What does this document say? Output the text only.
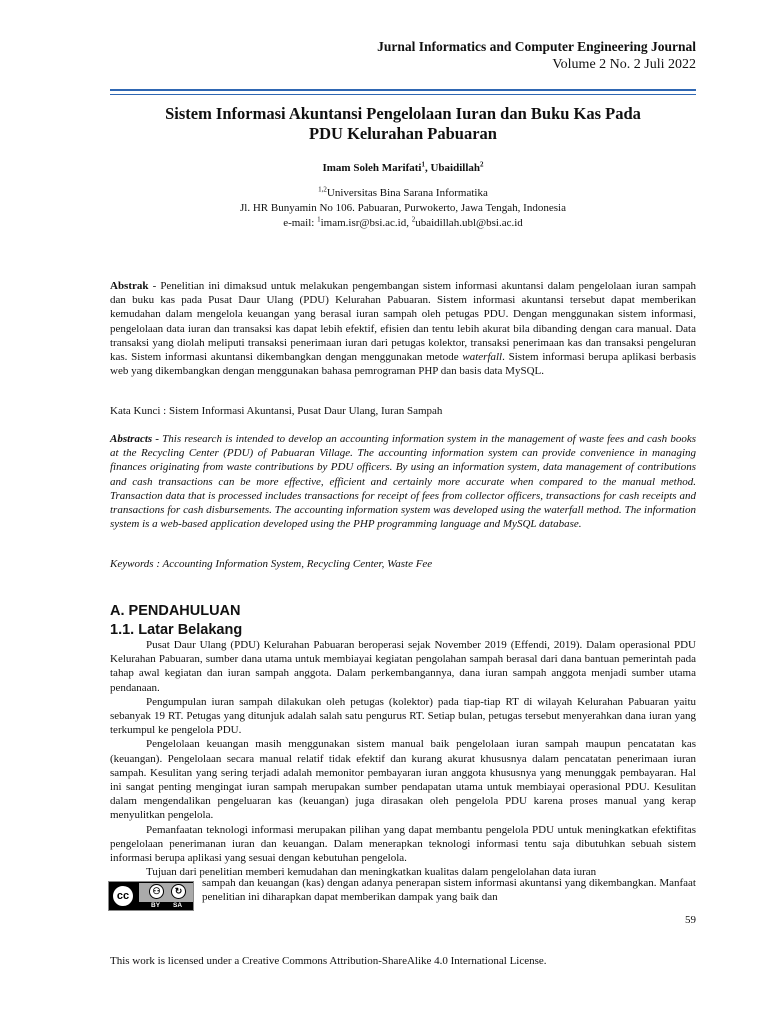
Jurnal Informatics and Computer Engineering Journal
Volume 2 No. 2 Juli 2022
Sistem Informasi Akuntansi Pengelolaan Iuran dan Buku Kas Pada
PDU Kelurahan Pabuaran
Imam Soleh Marifati$^1$, Ubaidillah$^2$
$^{1,2}$Universitas Bina Sarana Informatika
Jl. HR Bunyamin No 106. Pabuaran, Purwokerto, Jawa Tengah, Indonesia
e-mail: $^1$imam.isr@bsi.ac.id, $^2$ubaidillah.ubl@bsi.ac.id
Abstrak - Penelitian ini dimaksud untuk melakukan pengembangan sistem informasi akuntansi dalam pengelolaan iuran sampah dan buku kas pada Pusat Daur Ulang (PDU) Kelurahan Pabuaran. Sistem informasi akuntansi tersebut dapat memberikan kemudahan dalam mengelola keuangan yang berasal iuran sampah oleh petugas PDU. Dengan menggunakan sistem informasi, pengelolaan data iuran dan transaksi kas dapat lebih efektif, efisien dan tentu lebih akurat bila dibanding dengan cara manual. Data transaksi yang diolah meliputi transaksi penerimaan iuran dari petugas kolektor, transaksi penerimaan kas dan transaksi pengeluran kas. Sistem informasi akuntansi dikembangkan dengan menggunakan metode waterfall. Sistem informasi berupa aplikasi berbasis web yang dikembangkan dengan menggunakan bahasa pemrograman PHP dan basis data MySQL.
Kata Kunci : Sistem Informasi Akuntansi, Pusat Daur Ulang, Iuran Sampah
Abstracts - This research is intended to develop an accounting information system in the management of waste fees and cash books at the Recycling Center (PDU) of Pabuaran Village. The accounting information system can provide convenience in managing finances originating from waste contributions by PDU officers. By using an information system, data management of contributions and cash transactions can be more effective, efficient and certainly more accurate when compared to the manual method. Transaction data that is processed includes transactions for receipt of fees from collector officers, transactions for cash receipts and transactions for cash disbursements. The accounting information system was developed using the waterfall method. The information system is a web-based application developed using the PHP programming language and MySQL database.
Keywords : Accounting Information System, Recycling Center, Waste Fee
A. PENDAHULUAN
1.1. Latar Belakang

Pusat Daur Ulang (PDU) Kelurahan Pabuaran beroperasi sejak November 2019 (Effendi, 2019). Dalam operasional PDU Kelurahan Pabuaran, sumber dana utama untuk membiayai kegiatan pengolahan sampah berasal dari dana bantuan pemerintah pada tahap awal kegiatan dan iuran sampah anggota. Dalam perkembangannya, dana iuran sampah anggota menjadi sumber utama pendanaan.

Pengumpulan iuran sampah dilakukan oleh petugas (kolektor) pada tiap-tiap RT di wilayah Kelurahan Pabuaran yaitu sebanyak 19 RT. Petugas yang ditunjuk adalah salah satu pengurus RT. Setiap bulan, petugas tersebut menyerahkan dana iuran yang terkumpul ke pengelola PDU.

Pengelolaan keuangan masih menggunakan sistem manual baik pengelolaan iuran sampah maupun pencatatan kas (keuangan). Pengelolaan secara manual relatif tidak efektif dan kurang akurat khususnya dalam pencatatan penerimaan iuran sampah. Kesulitan yang sering terjadi adalah memonitor pembayaran iuran anggota khususnya yang menunggak pembayaran. Hal ini sangat penting mengingat iuran sampah merupakan sumber pendapatan utama untuk membiayai operasional PDU. Kesulitan dalam mengendalikan pengeluaran kas (keuangan) juga dirasakan oleh pengelola PDU karena proses manual yang kerap menyulitkan pengelola.

Pemanfaatan teknologi informasi merupakan pilihan yang dapat membantu pengelola PDU untuk meningkatkan efektifitas pengelolaan penerimanan iuran dan keuangan. Dalam menerapkan teknologi informasi tentu saja dibutuhkan sebuah sistem informasi berupa aplikasi yang sesuai dengan kebutuhan pengelola.

Tujuan dari penelitian memberi kemudahan dan meningkatkan kualitas dalam pengelolahan data iuran

cc	⚇	↻
BY SA
sampah dan keuangan (kas) dengan adanya penerapan sistem informasi akuntansi yang dikembangkan. Manfaat penelitian ini diharapkan dapat memberikan dampak yang baik dan
59
This work is licensed under a Creative Commons Attribution-ShareAlike 4.0 International License.
